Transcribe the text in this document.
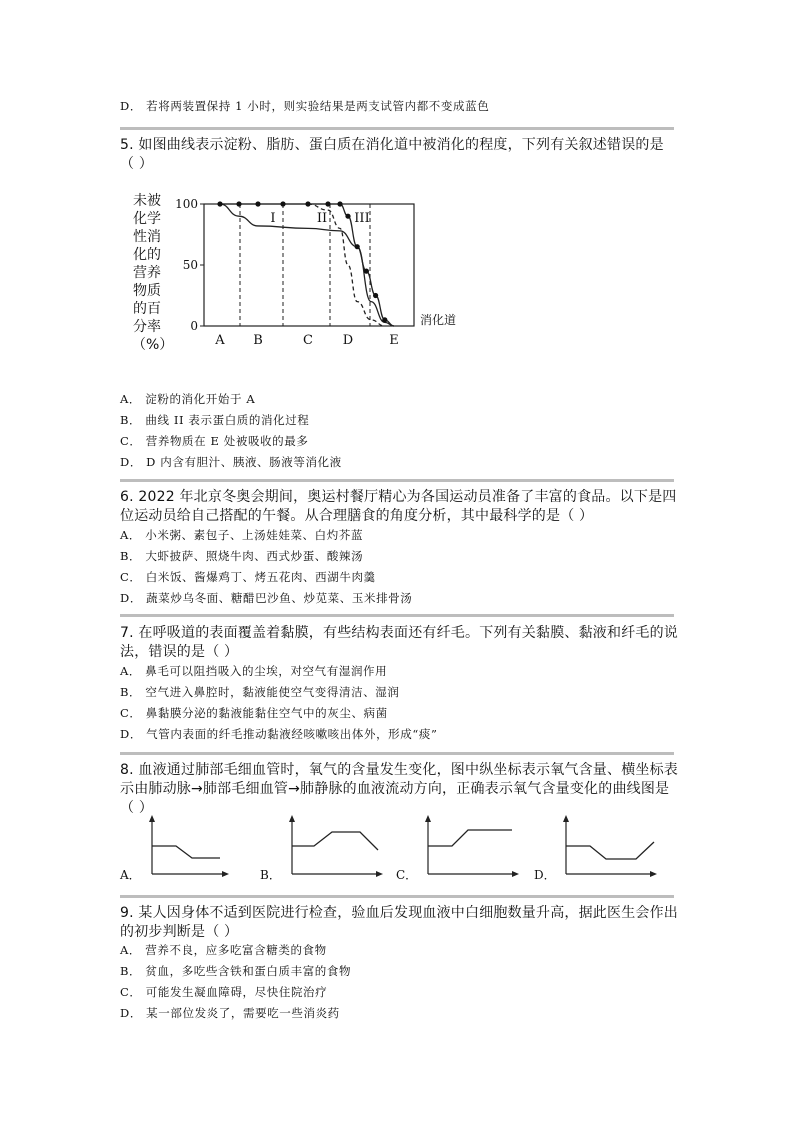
D． 若将两装置保持 1 小时，则实验结果是两支试管内都不变成蓝色
5. 如图曲线表示淀粉、脂肪、蛋白质在消化道中被消化的程度，下列有关叙述错误的是
（ ）
未被
化学
性消
化的
营养
物质
的百
分率
（%）
100
50
0
A B	C D	E
消化道
I	II III
A． 淀粉的消化开始于 A
B． 曲线 II 表示蛋白质的消化过程
C． 营养物质在 E 处被吸收的最多
D． D 内含有胆汁、胰液、肠液等消化液
6. 2022 年北京冬奥会期间，奥运村餐厅精心为各国运动员准备了丰富的食品。以下是四
位运动员给自己搭配的午餐。从合理膳食的角度分析，其中最科学的是（ ）
A． 小米粥、素包子、上汤娃娃菜、白灼芥蓝
B． 大虾披萨、照烧牛肉、西式炒蛋、酸辣汤
C． 白米饭、酱爆鸡丁、烤五花肉、西湖牛肉羹
D． 蔬菜炒乌冬面、糖醋巴沙鱼、炒苋菜、玉米排骨汤
7. 在呼吸道的表面覆盖着黏膜，有些结构表面还有纤毛。下列有关黏膜、黏液和纤毛的说
法，错误的是（ ）
A． 鼻毛可以阻挡吸入的尘埃，对空气有湿润作用
B． 空气进入鼻腔时，黏液能使空气变得清洁、湿润
C． 鼻黏膜分泌的黏液能黏住空气中的灰尘、病菌
D． 气管内表面的纤毛推动黏液经咳嗽咳出体外，形成“痰”
8. 血液通过肺部毛细血管时，氧气的含量发生变化，图中纵坐标表示氧气含量、横坐标表
示由肺动脉→肺部毛细血管→肺静脉的血液流动方向，正确表示氧气含量变化的曲线图是
（ ）
A．	B．	C．	D．
9. 某人因身体不适到医院进行检查，验血后发现血液中白细胞数量升高，据此医生会作出
的初步判断是（ ）
A． 营养不良，应多吃富含糖类的食物
B． 贫血，多吃些含铁和蛋白质丰富的食物
C． 可能发生凝血障碍，尽快住院治疗
D． 某一部位发炎了，需要吃一些消炎药
